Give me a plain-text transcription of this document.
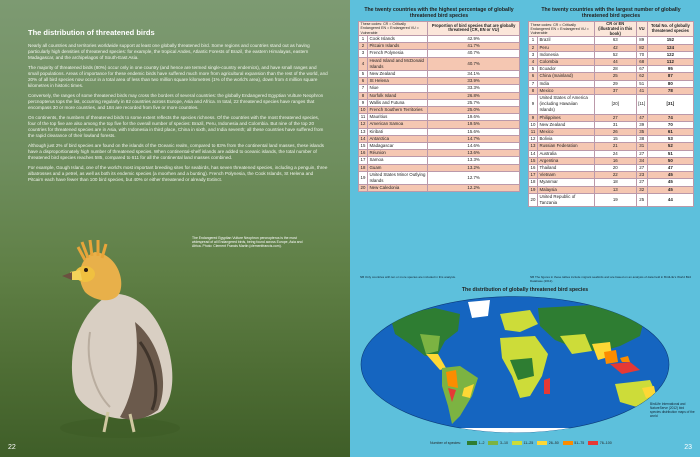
The distribution of threatened birds

Nearly all countries and territories worldwide support at least one globally threatened bird. Some regions and countries stand out as having particularly high densities of threatened species: for example, the tropical Andes, Atlantic Forests of Brazil, the eastern Himalayas, eastern Madagascar, and the archipelagos of South-East Asia.

The majority of threatened birds (80%) occur only in one country (and hence are termed single-country endemics), and have small ranges and small populations. Areas of importance for these endemic birds have suffered much more from agricultural expansion than the rest of the world, and 20% of all bird species now occur in a total area of less than two million square kilometres (1% of the world's area), down from 4 million square kilometres in historic times.

Conversely, the ranges of some threatened birds may cross the borders of several countries: the globally Endangered Egyptian Vulture Neophron percnopterus tops the list, occurring regularly in 82 countries across Europe, Asia and Africa. In total, 22 threatened species have ranges that encompass 30 or more countries, and 184 are recorded from five or more countries.

On continents, the numbers of threatened birds to some extent reflects the species richness. Of the countries with the most threatened species, four of the top five are also among the top five for the overall number of species: Brazil, Peru, Indonesia and Colombia. But nine of the top 20 countries for threatened species are in Asia, with Indonesia in third place, China in sixth, and India seventh; all these countries have suffered from the rapid clearance of their lowland forests.

Although just 2% of bird species are found on the islands of the Oceanic realm, compared to 83% from the continental land masses, these islands have a disproportionately high number of threatened species. When continental-shelf islands are added to oceanic islands, the total number of threatened bird species reaches 585, compared to 611 for all the continental land masses combined.

For example, Gough Island, one of the world's most important breeding sites for seabirds, has seven threatened species, including a penguin, three albatrosses and a petrel, as well as both its endemic species (a moorhen and a bunting). French Polynesia, the Cook Islands, St Helena and Pitcairn each have fewer than 100 bird species, but 40% or either threatened or already Extinct.

The Endangered Egyptian Vulture Neophron percnopterus is the most widespread of all Endangered birds, being found across Europe, Asia and Africa. Photo: Clement Francis Martin (clementfrancis.com).
22
The twenty countries with the highest percentage of globally threatened bird species
These codes: CR = Critically Endangered EN = Endangered VU = Vulnerable		Proportion of bird species that are globally threatened (CR, EN or VU)
1	Cook Islands	42.9%
2	Pitcairn Islands	41.7%
3	French Polynesia	40.7%
4	Heard Island and McDonald Islands	40.7%
5	New Zealand	34.1%
6	St Helena	33.9%
7	Niue	33.3%
8	Norfolk Island	26.8%
9	Wallis and Futuna	25.7%
10	French Southern Territories	25.0%
11	Mauritius	19.6%
12	American Samoa	19.5%
13	Kiribati	15.6%
14	Antarctica	14.7%
15	Madagascar	14.6%
16	Réunion	13.6%
17	Samoa	13.3%
18	Guam	13.2%
19	United States Minor Outlying Islands	12.7%
20	New Caledonia	12.2%
The twenty countries with the largest number of globally threatened bird species
These codes: CR = Critically Endangered EN = Endangered VU = Vulnerable		CR or EN (illustrated in this book)	VU	Total No. of globally threatened species
1	Brazil	63	89	152
2	Peru	42	82	124
3	Indonesia	52	70	122
4	Colombia	44	68	112
5	Ecuador	28	67	95
6	China (mainland)	25	62	87
7	India	29	51	80
8	Mexico	37	41	78
9	United States of America (including Hawaiian Islands)	[20]	[11]	[31]
9	Philippines	27	47	74
10	New Zealand	31	39	70
11	Mexico	26	35	61
12	Bolivia	15	38	53
13	Russian Federation	21	31	52
14	Australia	24	27	51
15	Argentina	16	34	50
16	Thailand	20	27	47
17	Vietnam	22	23	45
18	Myanmar	18	27	45
19	Malaysia	13	32	45
20	United Republic of Tanzania	19	25	44
NB Only countries with ten or more species are included in this analysis.	NB The figures in these tables include migrant seabirds and are based on an analysis of data held in BirdLife's World Bird Database (2012).
The distribution of globally threatened bird species
BirdLife International and NatureServe (2012) bird species distribution maps of the world
Number of species:	1–2	3–10	11–25	26–50	51–75	76–100
23
